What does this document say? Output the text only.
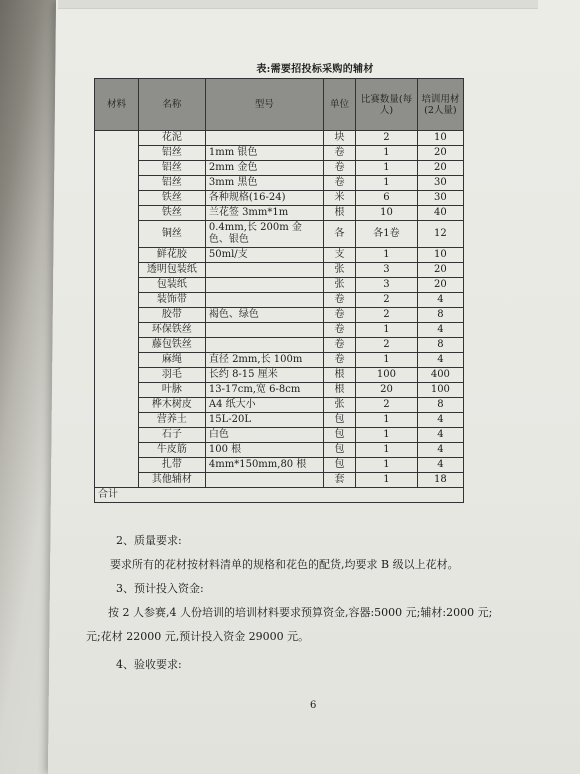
表:需要招投标采购的辅材
材料	名称	型号	单位	比赛数量(每人)	培训用材(2人量)
	花泥		块	2	10
	铝丝	1mm 银色	卷	1	20
	铝丝	2mm 金色	卷	1	20
	铝丝	3mm 黑色	卷	1	30
	铁丝	各种规格(16-24)	米	6	30
	铁丝	兰花签 3mm*1m	根	10	40
	铜丝	0.4mm,长 200m 金色、银色	各	各1卷	12
	鲜花胶	50ml/支	支	1	10
	透明包装纸		张	3	20
	包装纸		张	3	20
	装饰带		卷	2	4
	胶带	褐色、绿色	卷	2	8
	环保铁丝		卷	1	4
	藤包铁丝		卷	2	8
	麻绳	直径 2mm,长 100m	卷	1	4
	羽毛	长约 8-15 厘米	根	100	400
	叶脉	13-17cm,宽 6-8cm	根	20	100
	桦木树皮	A4 纸大小	张	2	8
	营养土	15L-20L	包	1	4
	石子	白色	包	1	4
	牛皮筋	100 根	包	1	4
	扎带	4mm*150mm,80 根	包	1	4
	其他辅材		套	1	18
合计					
2、质量要求:
要求所有的花材按材料清单的规格和花色的配货,均要求 B 级以上花材。
3、预计投入资金:
按 2 人参赛,4 人份培训的培训材料要求预算资金,容器:5000 元;辅材:2000 元;
元;花材 22000 元,预计投入资金 29000 元。
4、验收要求:
6
